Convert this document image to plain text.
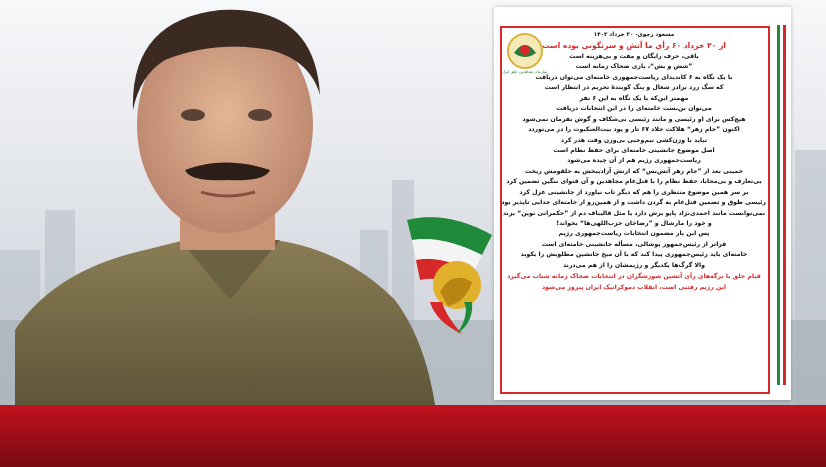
سازمان مجاهدین خلق ایران
مسعود رجوی- ۳۰ خرداد ۱۴۰۳
از ۳۰ خرداد ۶۰ رأی ما آتش و سرنگونی بوده است
باقی، حرف رایگان و مفت و بی‌هزینه است
”شش و بش“، بازی ضحاک زمانه است
با یک نگاه به ۶ کاندیدای ریاست‌جمهوری خامنه‌ای می‌توان دریافت
که سگ زرد برادر شغال و پنگ کوبندهٔ تحریم در انتظار است
مهمتر این‌که با یک نگاه به این ۶ نفر
می‌توان بن‌بست خامنه‌ای را در این انتخابات دریافت
هیچ‌کس برای او رئیسی و مانند رئیسی بی‌شکاف و گوش بفرمان نمی‌شود
اکنون ”جام زهر“ هلاکت جلاد ۶۷ تار و پود بیت‌العنکبوت را در می‌نوردد
نباید با وزن‌کشی نیم‌وجبی بی‌وزن وقت هدر کرد
اصل موضوع جانشینی خامنه‌ای برای حفظ نظام است
ریاست‌جمهوری رژیم هم از آن چیده می‌شود
خمینی بعد از ”جام زهر آتش‌بس“ که ارتش آزادیبخش به حلقومش ریخت
بی‌تعارف و بی‌محابا، حفظ نظام را با قتل‌عام مجاهدین و آن فتوای ننگین تضمین کرد
بر سر همین موضوع منتظری را هم که دیگر تاب نیاورد از جانشینی عزل کرد
رئیسی طوق و تضمین قتل‌عام به گردن داشت و از همین‌رو از خامنه‌ای جدایی ناپذیر بود
نمی‌توانست مانند احمدی‌نژاد پایو برش دارد یا مثل قالیباف دم از ”حکمرانی نوین“ بزند
و خود را مارشال و ”رضاخان حزب‌اللهی‌ها“ بخواند!
پس این بار مضمون انتخابات ریاست‌جمهوری رژیم
فراتر از رئیس‌جمهور پوشالی، مسأله جانشینی خامنه‌ای است
خامنه‌ای باید رئیس‌جمهوری پیدا کند که با آن میخ جانشین مطلوبش را بکوبد
والا گرگ‌ها یکدیگر و رژیمشان را از هم می‌درند
قیام خلق با برگه‌های رأی آتشین شورشگران در انتخابات ضحاک زمانه شتاب می‌گیرد
این رژیم رفتنی است، انقلاب دموکراتیک ایران پیروز می‌شود
